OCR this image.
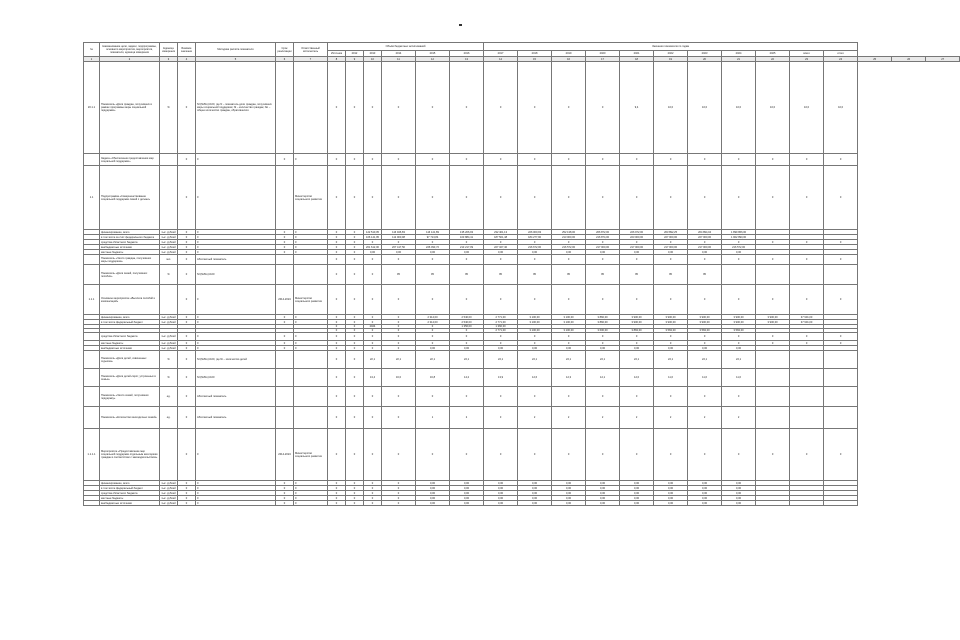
№	Наименование цели, задачи, подпрограммы, основного мероприятия, мероприятия, показателя, единица измерения	Единица измерения	Базовое значение	Методика расчёта показателя	Срок реализации	Ответственный исполнитель	Объём бюджетных ассигнований						Значения показателя по годам													
							Источник	2012	2013	2014	2015	2016	2017	2018	2019	2020	2021	2022	2023	2024	2025	всего	итого			
1	2	3	4	5	6	7	8	9	10	11	12	13	14	15	16	17	18	19	20	21	22	23	24	25	26	27
20.1.1	Показатель «Доля граждан, получивших в рамках программы меры социальной поддержки»	%	0	N=(Ni/No)×100, где N – показатель доли граждан, получивших меры социальной поддержки; Ni – количество граждан; No – общее количество граждан, обратившихся			0	0	0	0	0	0	0	0	0	0	9,4	10,0	10,0	10,0	10,0	10,0	10,0			
	Задача «Обеспечение предоставления мер социальной поддержки»		0	0	0	0	0	0	0	0	0	0	0	0	0	0	0	0	0	0	0	0	0			
1.1	Подпрограмма «Совершенствование социальной поддержки семей с детьми»		0	0		Министерство социального развития	0	0	0	0	0	0	0	0	0	0	0	0	0	0	0	0	0			
	финансирование, всего	тыс. рублей	0	0	0	0	0	0	122 510,05	116 946,83	116 141,89	135 206,93	232 401,13	226 000,93	252 138,00	266 872,00	226 972,00	263 892,25	264 894,04	1 899 866,00						
	в том числе за счёт федерального бюджета	тыс. рублей	0	0	0	0	0	0	106 141,95	112 900,98	97 713,84	103 884,41	187 501,48	184 277,90	213 000,00	216 874,00	223 000,00	227 000,00	227 000,00	1 902 890,00						
	средства областного бюджета	тыс. рублей	0	0	0	0	0	0	0	0	0	0	0	0	0	0	0	0	0	0	0	0	0			
	внебюджетные источники	тыс. рублей	0	0	0	0	0	0	201 612,00	207 417,50	226 093,72	213 217,09	227 327,40	216 672,00	216 572,00	217 000,00	217 000,00	217 000,00	217 000,00	216 572,00						
	местные бюджеты	тыс. рублей	0	0	0	0	0	0	0,00	0,00	0,00	0,00	0,00	0,00	0,00	0,00	0,00	0,00	0,00	0,00						
	Показатель «Число граждан, получивших меры поддержки»	чел.	0	Абсолютный показатель			0	0	0	0	0	0	0	0	0	0	0	0	0	0	0	0	0			
	Показатель «Доля семей, получивших пособия»	%	0	N=(Ni/No)×100			0	0	0	95	95	95	95	95	95	95	95	95	95							
1.1.1	Основное мероприятие «Выплата пособий и компенсаций»		0	0	2014-2024	Министерство социального развития	0	0	0	0	0	0	0	0	0	0	0	0	0	0	0	0	0			
	финансирование, всего	тыс. рублей	0	0	0	0	0	0	0	0	2 314,00	2 540,00	2 771,00	3 100,00	3 100,00	3 882,00	3 900,00	3 900,00	3 900,00	3 900,00	3 900,00	37 901,00				
	в том числе федеральный бюджет	тыс. рублей	0	0	0	0	0	0	0	0	2 314,00	2 540,00	2 771,00	3 100,00	3 100,00	3 882,00	3 900,00	3 900,00	3 900,00	3 900,00	3 900,00	37 901,00				
							0	0	2024	0	0	1 356,00	1 366,00													
							0	0	0	0	0	0	2 771,00	3 100,00	3 100,00	3 600,00	3 884,00	3 584,00	3 584,00	3 584,00						
	средства областного бюджета	тыс. рублей	0	0	0	0	0	0	0	0	0	0	0	0	0	0	0	0	0	0	0	0	0			
	местные бюджеты	тыс. рублей	0	0	0	0	0	0	0	0	0	0	0	0	0	0	0	0	0	0	0	0	0			
	внебюджетные источники	тыс. рублей	0	0	0	0	0	0	0	0	0,00	0,00	0,00	0,00	0,00	0,00	0,00	0,00	0,00	0,00						
	Показатель «Доля детей, охваченных отдыхом»	%	0	N=(Ni/No)×100, где Ni – количество детей			0	0	22,1	22,1	22,1	22,1	22,1	22,1	22,1	22,1	22,1	22,1	22,1	22,1						
	Показатель «Доля детей-сирот, устроенных в семьи»	%	0	N=(Ni/No)×100			0	0	13,4	16,0	16,8	14,2	13,9	12,6	12,3	12,1	12,0	11,6	11,6	11,6						
	Показатель «Число семей, получивших поддержку»	ед.	0	Абсолютный показатель			0	0	0	0	0	0	0	0	0	0	0	0	0	0						
	Показатель «Количество многодетных семей»	ед.	0	Абсолютный показатель			0	0	0	0	1	2	3	2	2	2	2	2	2	2						
1.1.1.1	Мероприятие «Предоставление мер социальной поддержки отдельным категориям граждан в соответствии с законодательством»		0	0	2014-2024	Министерство социального развития	0	0	0	0	0	0	0	0	0	0	0	0	0	0	0	0	0			
	финансирование, всего	тыс. рублей	0	0	0	0	0	0	0	0	0,00	0,00	0,00	0,00	0,00	0,00	0,00	0,00	0,00	0,00						
	в том числе федеральный бюджет	тыс. рублей	0	0	0	0	0	0	0	0	0,00	0,00	0,00	0,00	0,00	0,00	0,00	0,00	0,00	0,00						
	средства областного бюджета	тыс. рублей	0	0	0	0	0	0	0	0	0,00	0,00	0,00	0,00	0,00	0,00	0,00	0,00	0,00	0,00						
	местные бюджеты	тыс. рублей	0	0	0	0	0	0	0	0	0,00	0,00	0,00	0,00	0,00	0,00	0,00	0,00	0,00	0,00						
	внебюджетные источники	тыс. рублей	0	0	0	0	0	0	0	0	0,00	0,00	0,00	0,00	0,00	0,00	0,00	0,00	0,00	0,00						
